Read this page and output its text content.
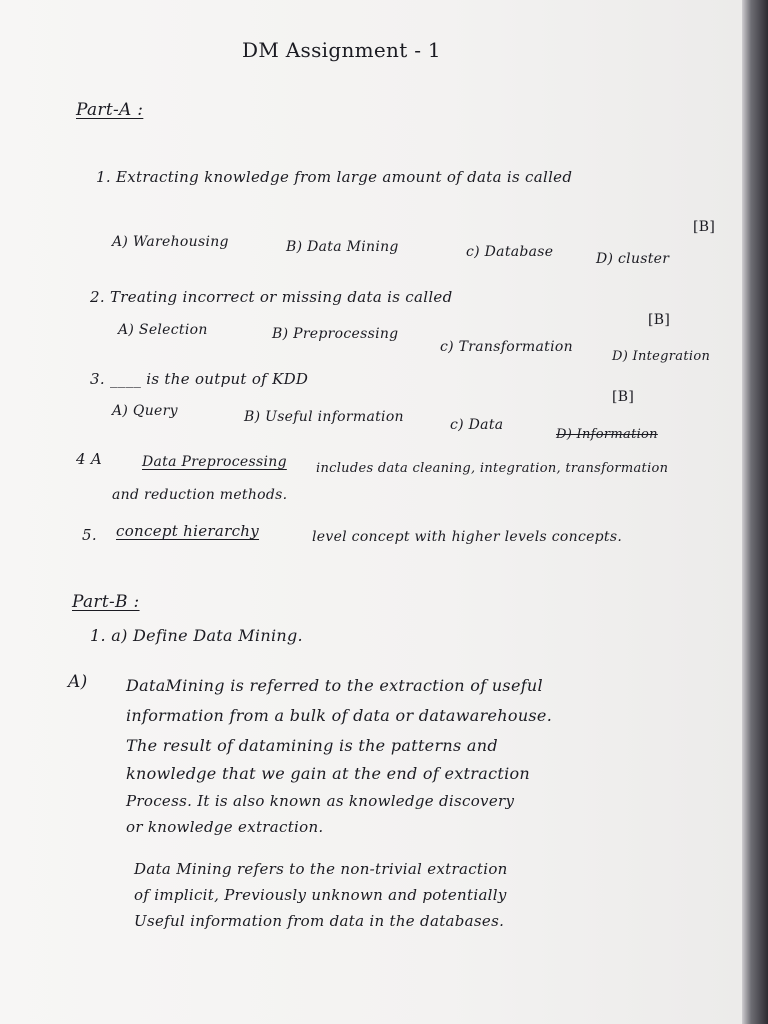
DM Assignment - 1
Part-A :
1. Extracting knowledge from large amount of data is called
[B]
A) Warehousing	B) Data Mining	c) Database	D) cluster
2. Treating incorrect or missing data is called
[B]
A) Selection	B) Preprocessing
c) Transformation
D) Integration
3. ____ is the output of KDD
[B]
A) Query	B) Useful information	c) Data
D) Information
4 A	Data Preprocessing includes data cleaning, integration, transformation
and reduction methods.
5. concept hierarchy	level concept with higher levels concepts.
Part-B :
1. a) Define Data Mining.
A) DataMining is referred to the extraction of useful
information from a bulk of data or datawarehouse.
The result of datamining is the patterns and
knowledge that we gain at the end of extraction
Process. It is also known as knowledge discovery
or knowledge extraction.
Data Mining refers to the non-trivial extraction
of implicit, Previously unknown and potentially
Useful information from data in the databases.
